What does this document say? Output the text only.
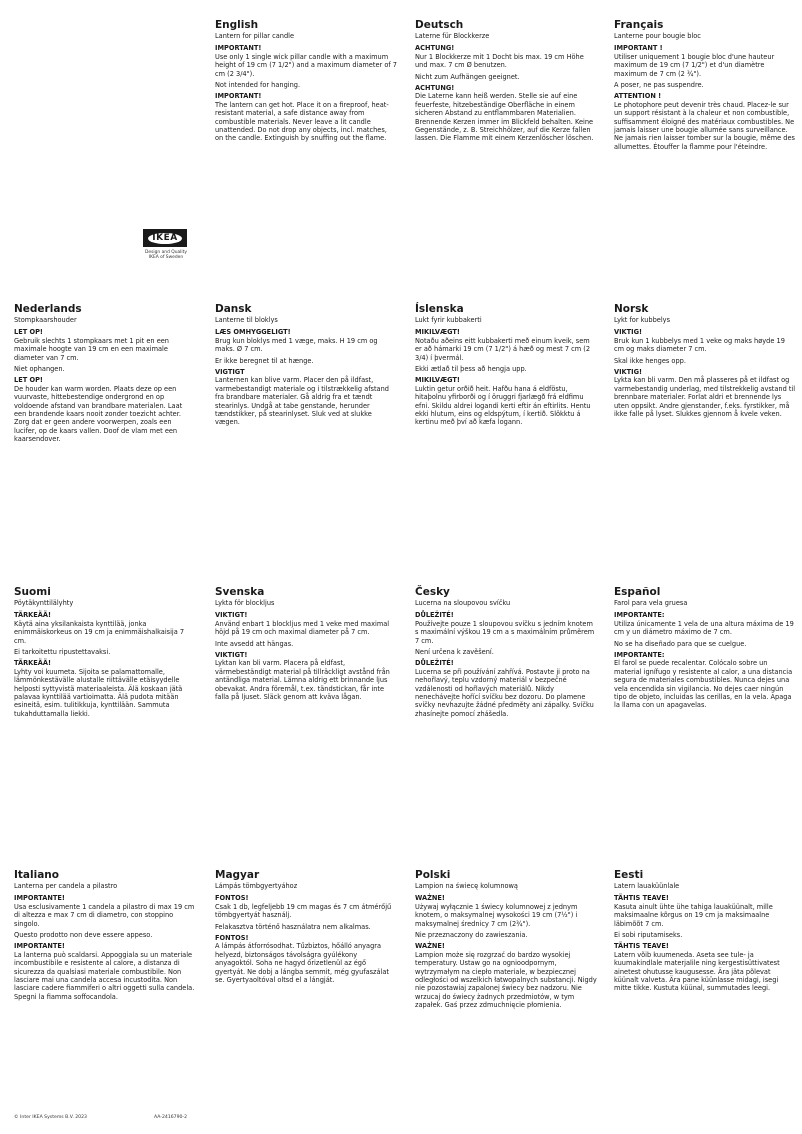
IKEA
Design and Quality
IKEA of Sweden
English
Lantern for pillar candle
IMPORTANT!
Use only 1 single wick pillar candle with a maximum height of 19 cm (7 1/2") and a maximum diameter of 7 cm (2 3/4").
Not intended for hanging.
IMPORTANT!
The lantern can get hot. Place it on a fireproof, heat-resistant material, a safe distance away from combustible materials. Never leave a lit candle unattended. Do not drop any objects, incl. matches, on the candle. Extinguish by snuffing out the flame.
Deutsch
Laterne für Blockkerze
ACHTUNG!
Nur 1 Blockkerze mit 1 Docht bis max. 19 cm Höhe und max. 7 cm Ø benutzen.
Nicht zum Aufhängen geeignet.
ACHTUNG!
Die Laterne kann heiß werden. Stelle sie auf eine feuerfeste, hitzebeständige Oberfläche in einem sicheren Abstand zu entflammbaren Materialien. Brennende Kerzen immer im Blickfeld behalten. Keine Gegenstände, z. B. Streichhölzer, auf die Kerze fallen lassen. Die Flamme mit einem Kerzenlöscher löschen.
Français
Lanterne pour bougie bloc
IMPORTANT !
Utiliser uniquement 1 bougie bloc d'une hauteur maximum de 19 cm (7 1/2") et d'un diamètre maximum de 7 cm (2 ¾").
A poser, ne pas suspendre.
ATTENTION !
Le photophore peut devenir très chaud. Placez-le sur un support résistant à la chaleur et non combustible, suffisamment éloigné des matériaux combustibles. Ne jamais laisser une bougie allumée sans surveillance. Ne jamais rien laisser tomber sur la bougie, même des allumettes. Étouffer la flamme pour l'éteindre.
Nederlands
Stompkaarshouder
LET OP!
Gebruik slechts 1 stompkaars met 1 pit en een maximale hoogte van 19 cm en een maximale diameter van 7 cm.
Niet ophangen.
LET OP!
De houder kan warm worden. Plaats deze op een vuurvaste, hittebestendige ondergrond en op voldoende afstand van brandbare materialen. Laat een brandende kaars nooit zonder toezicht achter. Zorg dat er geen andere voorwerpen, zoals een lucifer, op de kaars vallen. Doof de vlam met een kaarsendover.
Dansk
Lanterne til bloklys
LÆS OMHYGGELIGT!
Brug kun bloklys med 1 væge, maks. H 19 cm og maks. Ø 7 cm.
Er ikke beregnet til at hænge.
VIGTIGT
Lanternen kan blive varm. Placer den på ildfast, varmebestandigt materiale og i tilstrækkelig afstand fra brandbare materialer. Gå aldrig fra et tændt stearinlys. Undgå at tabe genstande, herunder tændstikker, på stearinlyset. Sluk ved at slukke vægen.
Íslenska
Lukt fyrir kubbakerti
MIKILVÆGT!
Notaðu aðeins eitt kubbakerti með einum kveik, sem er að hámarki 19 cm (7 1/2") á hæð og mest 7 cm (2 3/4) í þvermál.
Ekki ætlað til þess að hengja upp.
MIKILVÆGT!
Luktin getur orðið heit. Hafðu hana á eldföstu, hitaþolnu yfirborði og í öruggri fjarlægð frá eldfimu efni. Skildu aldrei logandi kerti eftir án eftirlits. Hentu ekki hlutum, eins og eldspýtum, í kertið. Slökktu á kertinu með því að kæfa logann.
Norsk
Lykt for kubbelys
VIKTIG!
Bruk kun 1 kubbelys med 1 veke og maks høyde 19 cm og maks diameter 7 cm.
Skal ikke henges opp.
VIKTIG!
Lykta kan bli varm. Den må plasseres på et ildfast og varmebestandig underlag, med tilstrekkelig avstand til brennbare materialer. Forlat aldri et brennende lys uten oppsikt. Andre gjenstander, f.eks. fyrstikker, må ikke falle på lyset. Slukkes gjennom å kvele veken.
Suomi
Pöytäkynttilälyhty
TÄRKEÄÄ!
Käytä aina yksilankaista kynttilää, jonka enimmäiskorkeus on 19 cm ja enimmäishalkaisija 7 cm.
Ei tarkoitettu ripustettavaksi.
TÄRKEÄÄ!
Lyhty voi kuumeta. Sijoita se palamattomalle, lämmönkestävälle alustalle riittävälle etäisyydelle helposti syttyvistä materiaaleista. Älä koskaan jätä palavaa kynttilää vartioimatta. Älä pudota mitään esineitä, esim. tulitikkuja, kynttilään. Sammuta tukahduttamalla liekki.
Svenska
Lykta för blockljus
VIKTIGT!
Använd enbart 1 blockljus med 1 veke med maximal höjd på 19 cm och maximal diameter på 7 cm.
Inte avsedd att hängas.
VIKTIGT!
Lyktan kan bli varm. Placera på eldfast, värmebeständigt material på tillräckligt avstånd från antändliga material. Lämna aldrig ett brinnande ljus obevakat. Andra föremål, t.ex. tändstickan, får inte falla på ljuset. Släck genom att kväva lågan.
Česky
Lucerna na sloupovou svíčku
DŮLEŽITÉ!
Používejte pouze 1 sloupovou svíčku s jedním knotem s maximální výškou 19 cm a s maximálním průměrem 7 cm.
Není určena k zavěšení.
DŮLEŽITÉ!
Lucerna se při používání zahřívá. Postavte ji proto na nehořlavý, teplu vzdorný materiál v bezpečné vzdálenosti od hořlavých materiálů. Nikdy nenechávejte hořící svíčku bez dozoru. Do plamene svíčky nevhazujte žádné předměty ani zápalky. Svíčku zhasínejte pomocí zhášedla.
Español
Farol para vela gruesa
IMPORTANTE:
Utiliza únicamente 1 vela de una altura máxima de 19 cm y un diámetro máximo de 7 cm.
No se ha diseñado para que se cuelgue.
IMPORTANTE:
El farol se puede recalentar. Colócalo sobre un material ignífugo y resistente al calor, a una distancia segura de materiales combustibles. Nunca dejes una vela encendida sin vigilancia. No dejes caer ningún tipo de objeto, incluidas las cerillas, en la vela. Apaga la llama con un apagavelas.
Italiano
Lanterna per candela a pilastro
IMPORTANTE!
Usa esclusivamente 1 candela a pilastro di max 19 cm di altezza e max 7 cm di diametro, con stoppino singolo.
Questo prodotto non deve essere appeso.
IMPORTANTE!
La lanterna può scaldarsi. Appoggiala su un materiale incombustibile e resistente al calore, a distanza di sicurezza da qualsiasi materiale combustibile. Non lasciare mai una candela accesa incustodita. Non lasciare cadere fiammiferi o altri oggetti sulla candela. Spegni la fiamma soffocandola.
Magyar
Lámpás tömbgyertyához
FONTOS!
Csak 1 db, legfeljebb 19 cm magas és 7 cm átmérőjű tömbgyertyát használj.
Felakasztva történő használatra nem alkalmas.
FONTOS!
A lámpás átforrósodhat. Tűzbiztos, hőálló anyagra helyezd, biztonságos távolságra gyúlékony anyagoktól. Soha ne hagyd őrizetlenül az égő gyertyát. Ne dobj a lángba semmit, még gyufaszálat se. Gyertyaoltóval oltsd el a lángját.
Polski
Lampion na świecę kolumnową
WAŻNE!
Używaj wyłącznie 1 świecy kolumnowej z jednym knotem, o maksymalnej wysokości 19 cm (7½") i maksymalnej średnicy 7 cm (2¾").
Nie przeznaczony do zawieszania.
WAŻNE!
Lampion może się rozgrzać do bardzo wysokiej temperatury. Ustaw go na ognioodpornym, wytrzymałym na ciepło materiale, w bezpiecznej odległości od wszelkich łatwopalnych substancji. Nigdy nie pozostawiaj zapalonej świecy bez nadzoru. Nie wrzucaj do świecy żadnych przedmiotów, w tym zapałek. Gaś przez zdmuchnięcie płomienia.
Eesti
Latern lauaküünlale
TÄHTIS TEAVE!
Kasuta ainult ühte ühe tahiga lauaküünalt, mille maksimaalne kõrgus on 19 cm ja maksimaalne läbimõõt 7 cm.
Ei sobi riputamiseks.
TÄHTIS TEAVE!
Latern võib kuumeneda. Aseta see tule- ja kuumakindlale materjalile ning kergestisüttivatest ainetest ohutusse kaugusesse. Ära jäta põlevat küünalt valveta. Ära pane küünlasse midagi, isegi mitte tikke. Kustuta küünal, summutades leegi.
© Inter IKEA Systems B.V. 2023	AA-2416790-2
